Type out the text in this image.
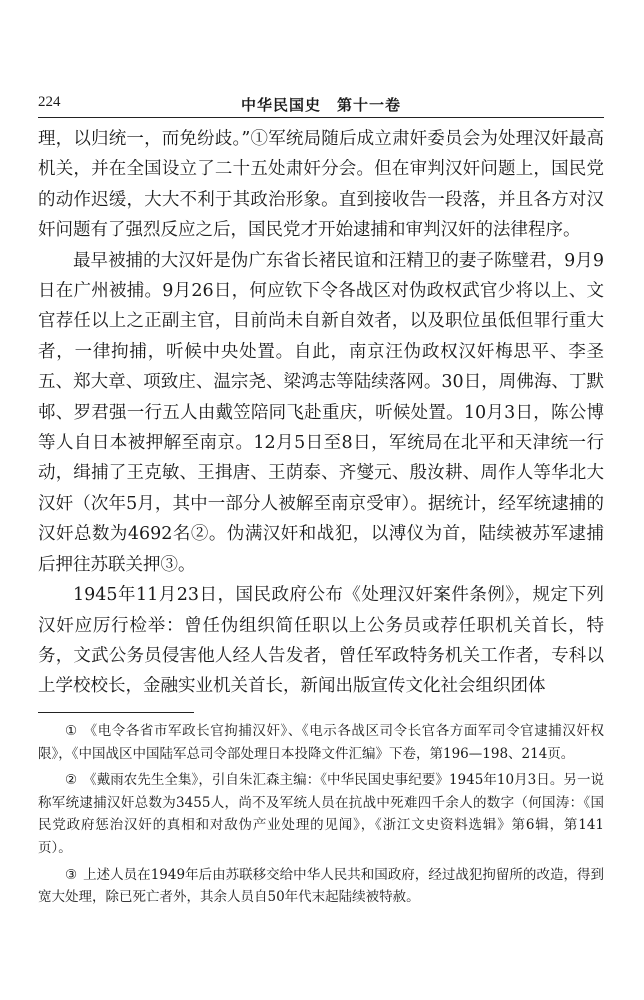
224	中华民国史　第十一卷

理，以归统一，而免纷歧。”①军统局随后成立肃奸委员会为处理汉奸最高机关，并在全国设立了二十五处肃奸分会。但在审判汉奸问题上，国民党的动作迟缓，大大不利于其政治形象。直到接收告一段落，并且各方对汉奸问题有了强烈反应之后，国民党才开始逮捕和审判汉奸的法律程序。

最早被捕的大汉奸是伪广东省长褚民谊和汪精卫的妻子陈璧君，9月9日在广州被捕。9月26日，何应钦下令各战区对伪政权武官少将以上、文官荐任以上之正副主官，目前尚未自新自效者，以及职位虽低但罪行重大者，一律拘捕，听候中央处置。自此，南京汪伪政权汉奸梅思平、李圣五、郑大章、项致庄、温宗尧、梁鸿志等陆续落网。30日，周佛海、丁默邨、罗君强一行五人由戴笠陪同飞赴重庆，听候处置。10月3日，陈公博等人自日本被押解至南京。12月5日至8日，军统局在北平和天津统一行动，缉捕了王克敏、王揖唐、王荫泰、齐燮元、殷汝耕、周作人等华北大汉奸（次年5月，其中一部分人被解至南京受审）。据统计，经军统逮捕的汉奸总数为4692名②。伪满汉奸和战犯，以溥仪为首，陆续被苏军逮捕后押往苏联关押③。

1945年11月23日，国民政府公布《处理汉奸案件条例》，规定下列汉奸应厉行检举：曾任伪组织简任职以上公务员或荐任职机关首长，特务，文武公务员侵害他人经人告发者，曾任军政特务机关工作者，专科以上学校校长，金融实业机关首长，新闻出版宣传文化社会组织团体

① 《电令各省市军政长官拘捕汉奸》、《电示各战区司令长官各方面军司令官逮捕汉奸权限》，《中国战区中国陆军总司令部处理日本投降文件汇编》下卷，第196—198、214页。

② 《戴雨农先生全集》，引自朱汇森主编：《中华民国史事纪要》1945年10月3日。另一说称军统逮捕汉奸总数为3455人，尚不及军统人员在抗战中死难四千余人的数字（何国涛：《国民党政府惩治汉奸的真相和对敌伪产业处理的见闻》，《浙江文史资料选辑》第6辑，第141页）。

③ 上述人员在1949年后由苏联移交给中华人民共和国政府，经过战犯拘留所的改造，得到宽大处理，除已死亡者外，其余人员自50年代末起陆续被特赦。
